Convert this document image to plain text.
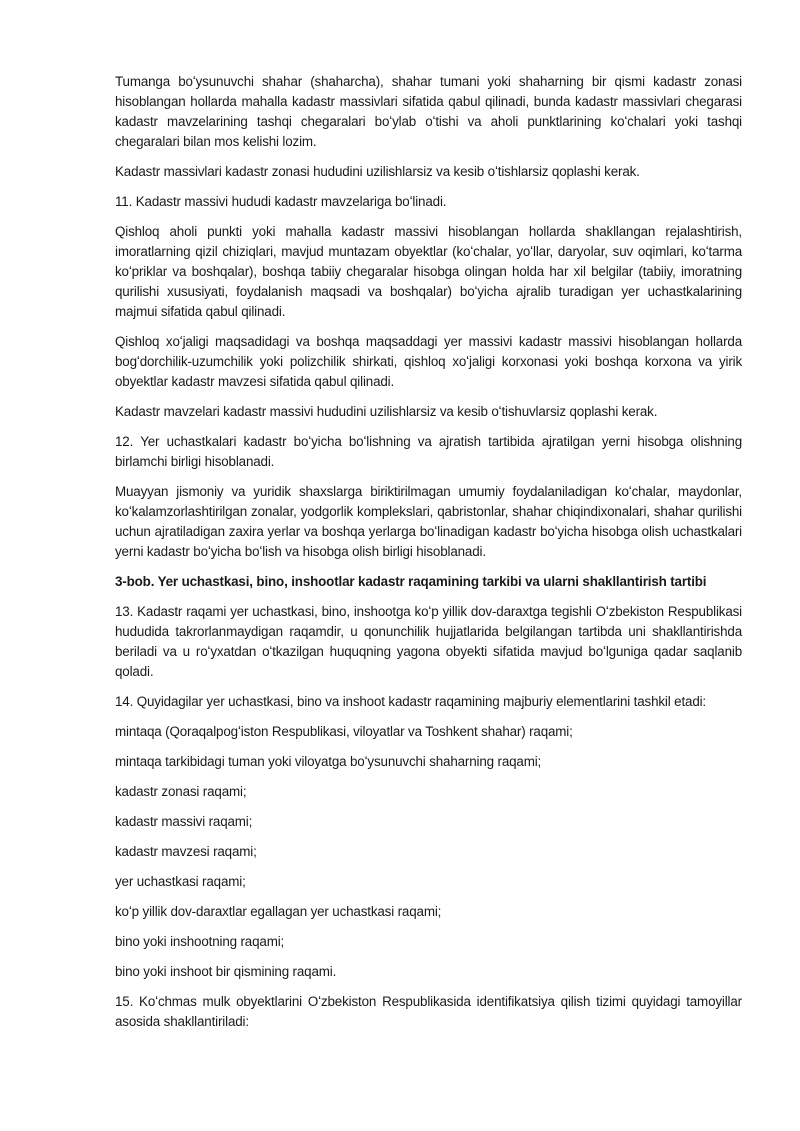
Tumanga boʻysunuvchi shahar (shaharcha), shahar tumani yoki shaharning bir qismi kadastr zonasi hisoblangan hollarda mahalla kadastr massivlari sifatida qabul qilinadi, bunda kadastr massivlari chegarasi kadastr mavzelarining tashqi chegaralari boʻylab oʻtishi va aholi punktlarining koʻchalari yoki tashqi chegaralari bilan mos kelishi lozim.

Kadastr massivlari kadastr zonasi hududini uzilishlarsiz va kesib oʻtishlarsiz qoplashi kerak.

11. Kadastr massivi hududi kadastr mavzelariga boʻlinadi.

Qishloq aholi punkti yoki mahalla kadastr massivi hisoblangan hollarda shakllangan rejalashtirish, imoratlarning qizil chiziqlari, mavjud muntazam obyektlar (koʻchalar, yoʻllar, daryolar, suv oqimlari, koʻtarma koʻpriklar va boshqalar), boshqa tabiiy chegaralar hisobga olingan holda har xil belgilar (tabiiy, imoratning qurilishi xususiyati, foydalanish maqsadi va boshqalar) boʻyicha ajralib turadigan yer uchastkalarining majmui sifatida qabul qilinadi.

Qishloq xoʻjaligi maqsadidagi va boshqa maqsaddagi yer massivi kadastr massivi hisoblangan hollarda bogʻdorchilik-uzumchilik yoki polizchilik shirkati, qishloq xoʻjaligi korxonasi yoki boshqa korxona va yirik obyektlar kadastr mavzesi sifatida qabul qilinadi.

Kadastr mavzelari kadastr massivi hududini uzilishlarsiz va kesib oʻtishuvlarsiz qoplashi kerak.

12. Yer uchastkalari kadastr boʻyicha boʻlishning va ajratish tartibida ajratilgan yerni hisobga olishning birlamchi birligi hisoblanadi.

Muayyan jismoniy va yuridik shaxslarga biriktirilmagan umumiy foydalaniladigan koʻchalar, maydonlar, koʻkalamzorlashtirilgan zonalar, yodgorlik komplekslari, qabristonlar, shahar chiqindixonalari, shahar qurilishi uchun ajratiladigan zaxira yerlar va boshqa yerlarga boʻlinadigan kadastr boʻyicha hisobga olish uchastkalari yerni kadastr boʻyicha boʻlish va hisobga olish birligi hisoblanadi.

3-bob. Yer uchastkasi, bino, inshootlar kadastr raqamining tarkibi va ularni shakllantirish tartibi

13. Kadastr raqami yer uchastkasi, bino, inshootga koʻp yillik dov-daraxtga tegishli Oʻzbekiston Respublikasi hududida takrorlanmaydigan raqamdir, u qonunchilik hujjatlarida belgilangan tartibda uni shakllantirishda beriladi va u roʻyxatdan oʻtkazilgan huquqning yagona obyekti sifatida mavjud boʻlguniga qadar saqlanib qoladi.

14. Quyidagilar yer uchastkasi, bino va inshoot kadastr raqamining majburiy elementlarini tashkil etadi:

mintaqa (Qoraqalpogʻiston Respublikasi, viloyatlar va Toshkent shahar) raqami;

mintaqa tarkibidagi tuman yoki viloyatga boʻysunuvchi shaharning raqami;

kadastr zonasi raqami;

kadastr massivi raqami;

kadastr mavzesi raqami;

yer uchastkasi raqami;

koʻp yillik dov-daraxtlar egallagan yer uchastkasi raqami;

bino yoki inshootning raqami;

bino yoki inshoot bir qismining raqami.

15. Koʻchmas mulk obyektlarini Oʻzbekiston Respublikasida identifikatsiya qilish tizimi quyidagi tamoyillar asosida shakllantiriladi:
